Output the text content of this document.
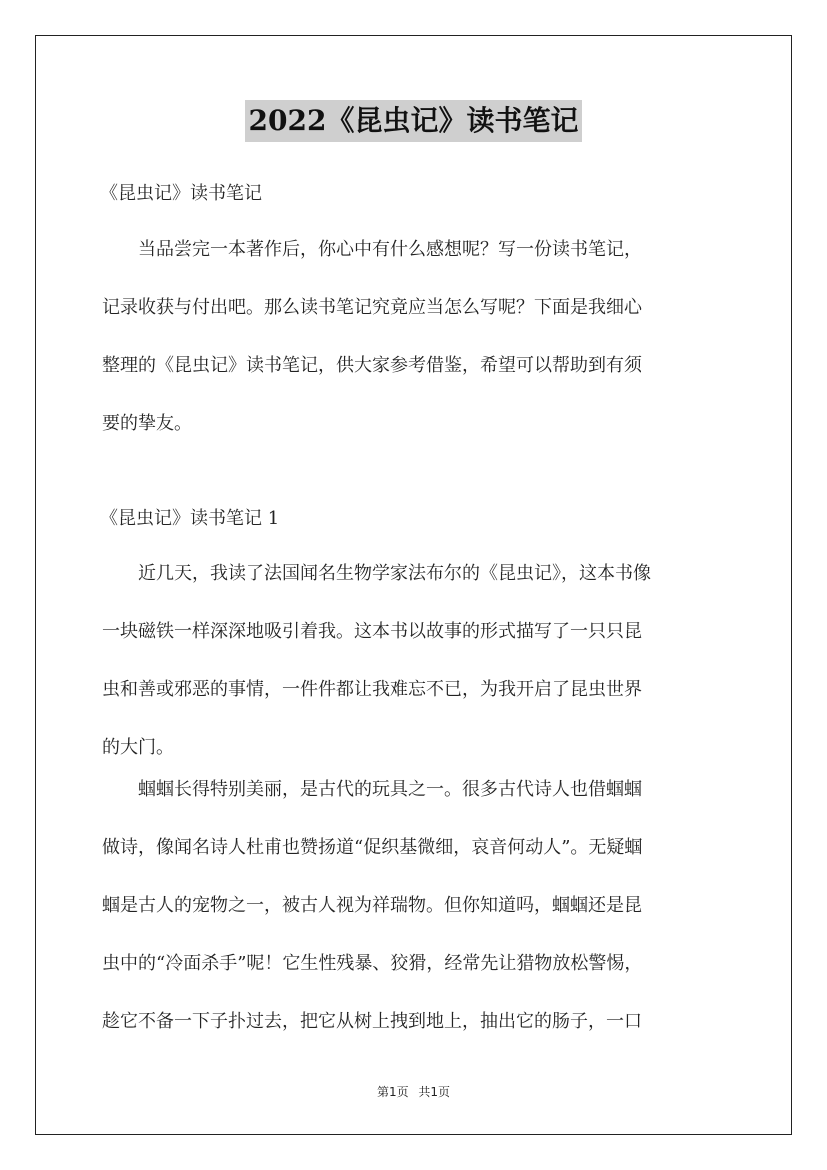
2022《昆虫记》读书笔记
《昆虫记》读书笔记
　　当品尝完一本著作后，你心中有什么感想呢？写一份读书笔记，
记录收获与付出吧。那么读书笔记究竟应当怎么写呢？下面是我细心
整理的《昆虫记》读书笔记，供大家参考借鉴，希望可以帮助到有须
要的挚友。
《昆虫记》读书笔记 1
　　近几天，我读了法国闻名生物学家法布尔的《昆虫记》，这本书像
一块磁铁一样深深地吸引着我。这本书以故事的形式描写了一只只昆
虫和善或邪恶的事情，一件件都让我难忘不已，为我开启了昆虫世界
的大门。
　　蝈蝈长得特别美丽，是古代的玩具之一。很多古代诗人也借蝈蝈
做诗，像闻名诗人杜甫也赞扬道“促织基微细，哀音何动人”。无疑蝈
蝈是古人的宠物之一，被古人视为祥瑞物。但你知道吗，蝈蝈还是昆
虫中的“冷面杀手”呢！它生性残暴、狡猾，经常先让猎物放松警惕，
趁它不备一下子扑过去，把它从树上拽到地上，抽出它的肠子，一口
第1页 共1页
